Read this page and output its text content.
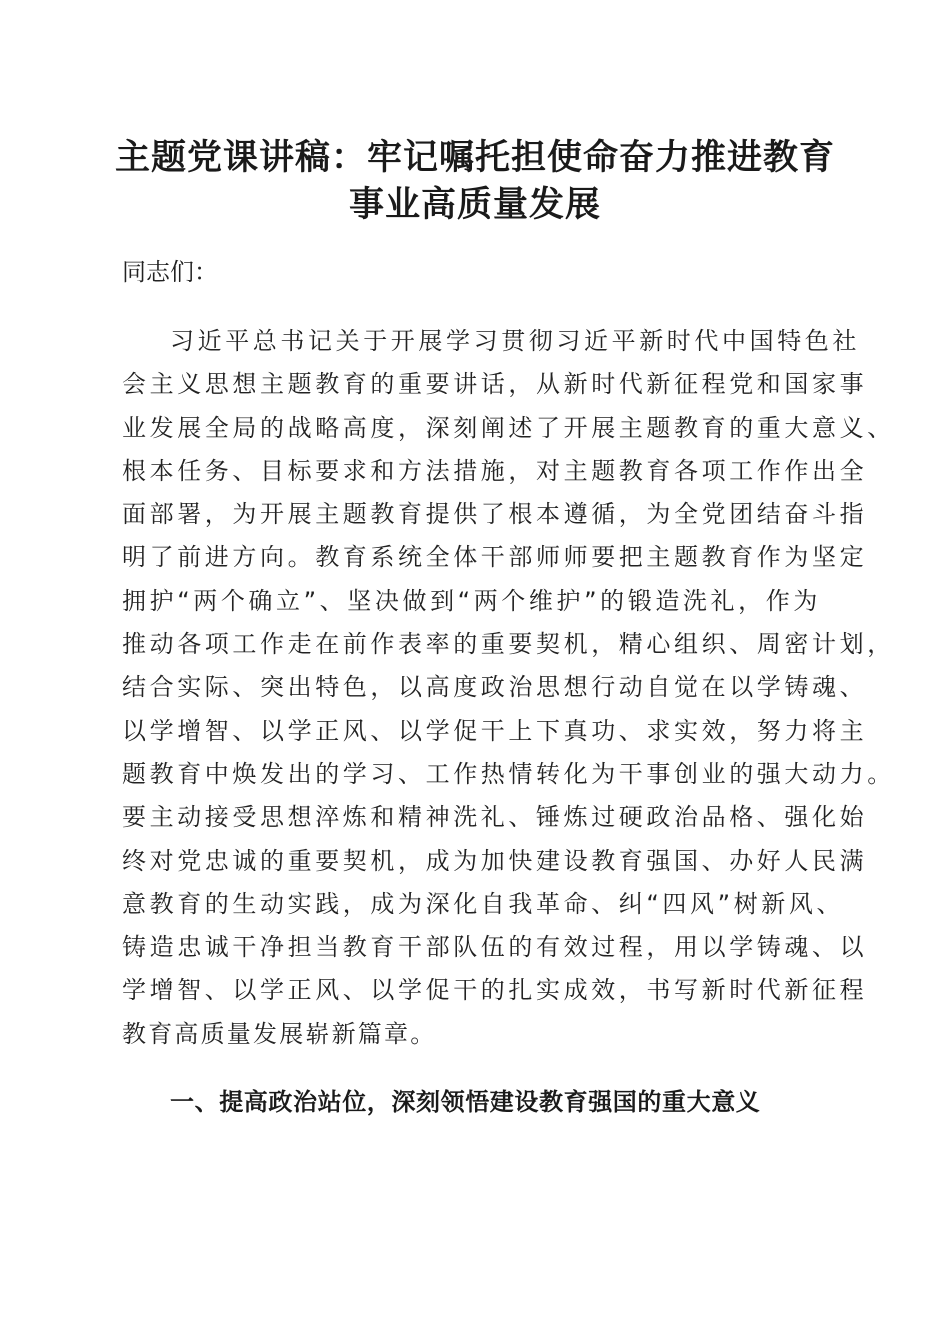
主题党课讲稿：牢记嘱托担使命奋力推进教育
事业高质量发展

同志们：

习近平总书记关于开展学习贯彻习近平新时代中国特色社
会主义思想主题教育的重要讲话，从新时代新征程党和国家事
业发展全局的战略高度，深刻阐述了开展主题教育的重大意义、
根本任务、目标要求和方法措施，对主题教育各项工作作出全
面部署，为开展主题教育提供了根本遵循，为全党团结奋斗指
明了前进方向。教育系统全体干部师师要把主题教育作为坚定
拥护“两个确立”、坚决做到“两个维护”的锻造洗礼，作为
推动各项工作走在前作表率的重要契机，精心组织、周密计划，
结合实际、突出特色，以高度政治思想行动自觉在以学铸魂、
以学增智、以学正风、以学促干上下真功、求实效，努力将主
题教育中焕发出的学习、工作热情转化为干事创业的强大动力。
要主动接受思想淬炼和精神洗礼、锤炼过硬政治品格、强化始
终对党忠诚的重要契机，成为加快建设教育强国、办好人民满
意教育的生动实践，成为深化自我革命、纠“四风”树新风、
铸造忠诚干净担当教育干部队伍的有效过程，用以学铸魂、以
学增智、以学正风、以学促干的扎实成效，书写新时代新征程
教育高质量发展崭新篇章。
一、提高政治站位，深刻领悟建设教育强国的重大意义
